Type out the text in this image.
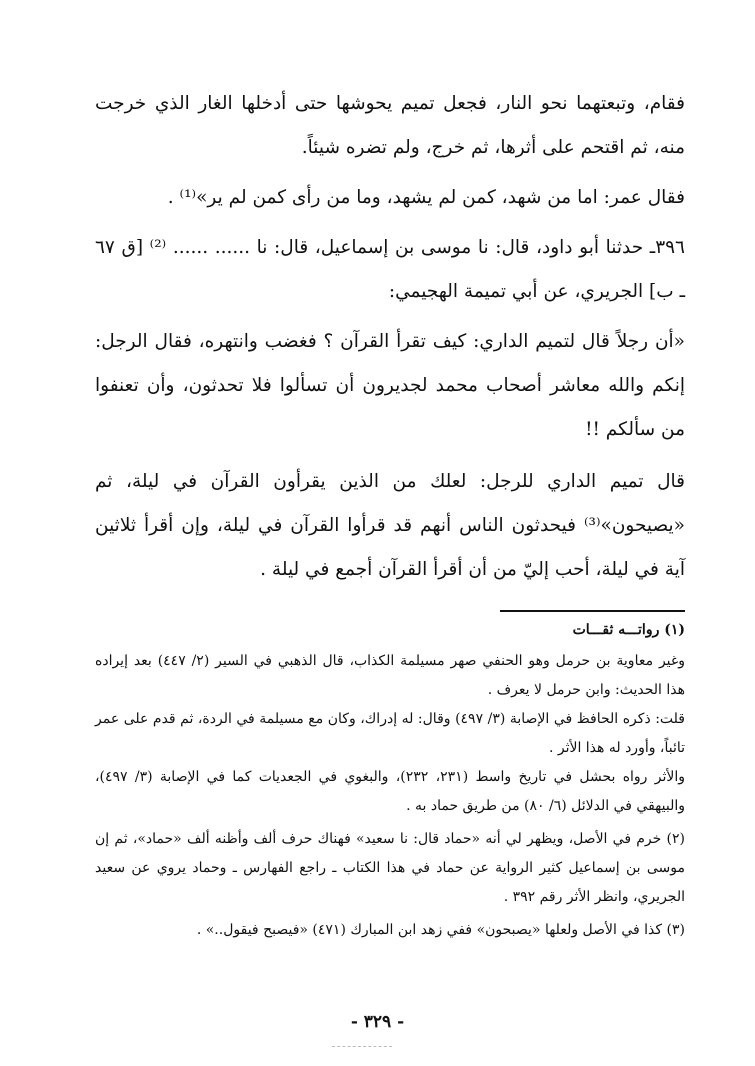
فقام، وتبعتهما نحو النار، فجعل تميم يحوشها حتى أدخلها الغار الذي خرجت منه، ثم اقتحم على أثرها، ثم خرج، ولم تضره شيئاً.

فقال عمر: اما من شهد، كمن لم يشهد، وما من رأى كمن لم ير»⁽¹⁾ .

٣٩٦ـ حدثنا أبو داود، قال: نا موسى بن إسماعيل، قال: نا ...... ...... ⁽²⁾ [ق ٦٧ ـ ب] الجريري، عن أبي تميمة الهجيمي:

«أن رجلاً قال لتميم الداري: كيف تقرأ القرآن ؟ فغضب وانتهره، فقال الرجل: إنكم والله معاشر أصحاب محمد لجديرون أن تسألوا فلا تحدثون، وأن تعنفوا من سألكم !!

قال تميم الداري للرجل: لعلك من الذين يقرأون القرآن في ليلة، ثم «يصيحون»⁽³⁾ فيحدثون الناس أنهم قد قرأوا القرآن في ليلة، وإن أقرأ ثلاثين آية في ليلة، أحب إليّ من أن أقرأ القرآن أجمع في ليلة .

(١) رواتـــه ثقـــات

وغير معاوية بن حرمل وهو الحنفي صهر مسيلمة الكذاب، قال الذهبي في السير (٢/ ٤٤٧) بعد إيراده هذا الحديث: وابن حرمل لا يعرف .

قلت: ذكره الحافظ في الإصابة (٣/ ٤٩٧) وقال: له إدراك، وكان مع مسيلمة في الردة، ثم قدم على عمر تائباً، وأورد له هذا الأثر .

والأثر رواه بحشل في تاريخ واسط (٢٣١، ٢٣٢)، والبغوي في الجعديات كما في الإصابة (٣/ ٤٩٧)، والبيهقي في الدلائل (٦/ ٨٠) من طريق حماد به .

(٢) خرم في الأصل، ويظهر لي أنه «حماد قال: نا سعيد» فهناك حرف ألف وأظنه ألف «حماد»، ثم إن موسى بن إسماعيل كثير الرواية عن حماد في هذا الكتاب ـ راجع الفهارس ـ وحماد يروي عن سعيد الجريري، وانظر الأثر رقم ٣٩٢ .

(٣) كذا في الأصل ولعلها «يصبحون» ففي زهد ابن المبارك (٤٧١) «فيصبح فيقول..» .

- ٣٢٩ -
